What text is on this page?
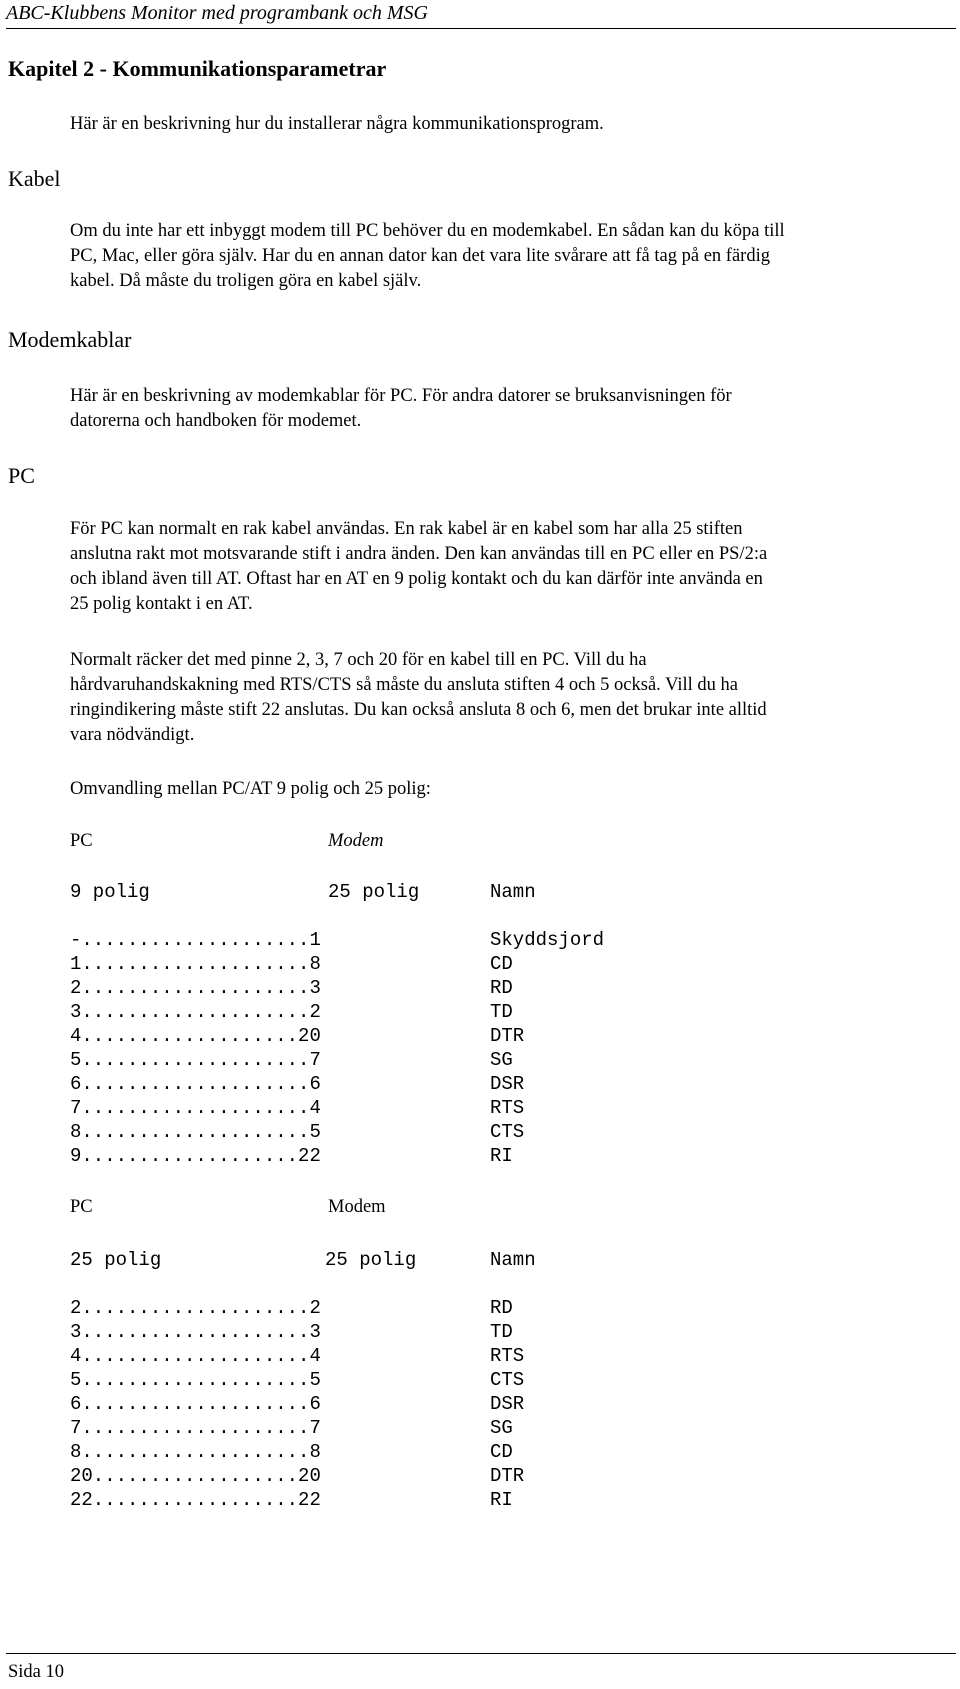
ABC-Klubbens Monitor med programbank och MSG
Kapitel 2 - Kommunikationsparametrar
Här är en beskrivning hur du installerar några kommunikationsprogram.
Kabel
Om du inte har ett inbyggt modem till PC behöver du en modemkabel. En sådan kan du köpa till
PC, Mac, eller göra själv. Har du en annan dator kan det vara lite svårare att få tag på en färdig
kabel. Då måste du troligen göra en kabel själv.
Modemkablar
Här är en beskrivning av modemkablar för PC. För andra datorer se bruksanvisningen för
datorerna och handboken för modemet.
PC
För PC kan normalt en rak kabel användas. En rak kabel är en kabel som har alla 25 stiften
anslutna rakt mot motsvarande stift i andra änden. Den kan användas till en PC eller en PS/2:a
och ibland även till AT. Oftast har en AT en 9 polig kontakt och du kan därför inte använda en
25 polig kontakt i en AT.
Normalt räcker det med pinne 2, 3, 7 och 20 för en kabel till en PC. Vill du ha
hårdvaruhandskakning med RTS/CTS så måste du ansluta stiften 4 och 5 också. Vill du ha
ringindikering måste stift 22 anslutas. Du kan också ansluta 8 och 6, men det brukar inte alltid
vara nödvändigt.
Omvandling mellan PC/AT 9 polig och 25 polig:
PC	Modem
9 polig	25 polig	Namn
-....................1	Skyddsjord
1....................8	CD
2....................3	RD
3....................2	TD
4...................20	DTR
5....................7	SG
6....................6	DSR
7....................4	RTS
8....................5	CTS
9...................22	RI
PC	Modem
25 polig	25 polig	Namn
2....................2	RD
3....................3	TD
4....................4	RTS
5....................5	CTS
6....................6	DSR
7....................7	SG
8....................8	CD
20..................20	DTR
22..................22	RI
Sida 10
